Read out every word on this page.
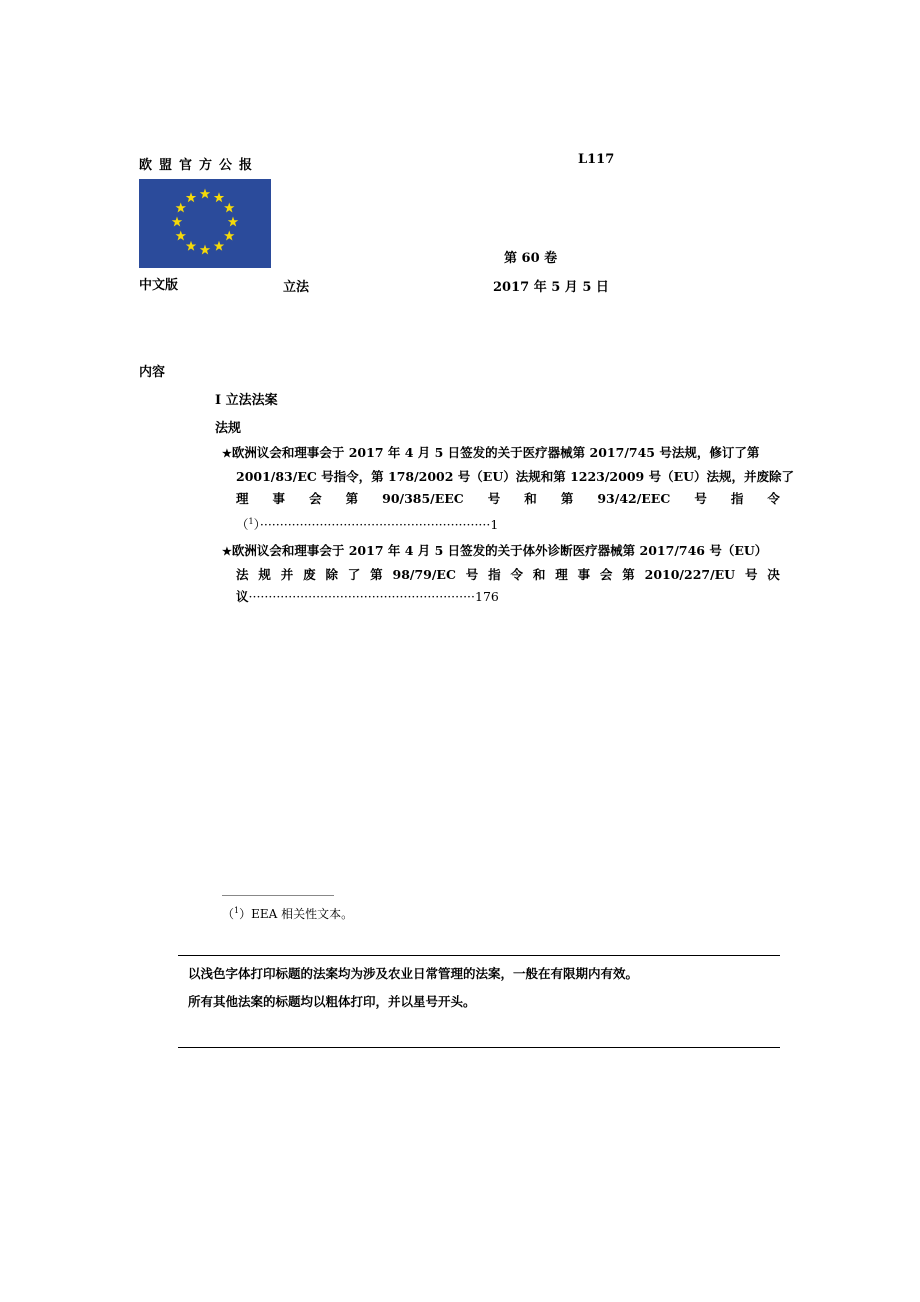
欧盟官方公报	L117
第 60 卷
中文版	立法	2017 年 5 月 5 日
内容
I 立法法案
法规
★欧洲议会和理事会于 2017 年 4 月 5 日签发的关于医疗器械第 2017/745 号法规，修订了第
2001/83/EC 号指令，第 178/2002 号（EU）法规和第 1223/2009 号（EU）法规，并废除了
理 事 会 第 90/385/EEC 号 和 第 93/42/EEC 号 指 令
（$^1$）··························································1
★欧洲议会和理事会于 2017 年 4 月 5 日签发的关于体外诊断医疗器械第 2017/746 号（EU）
法 规 并 废 除 了 第 98/79/EC 号 指 令 和 理 事 会 第 2010/227/EU 号 决
议·························································176
（$^1$）EEA 相关性文本。
以浅色字体打印标题的法案均为涉及农业日常管理的法案，一般在有限期内有效。
所有其他法案的标题均以粗体打印，并以星号开头。
